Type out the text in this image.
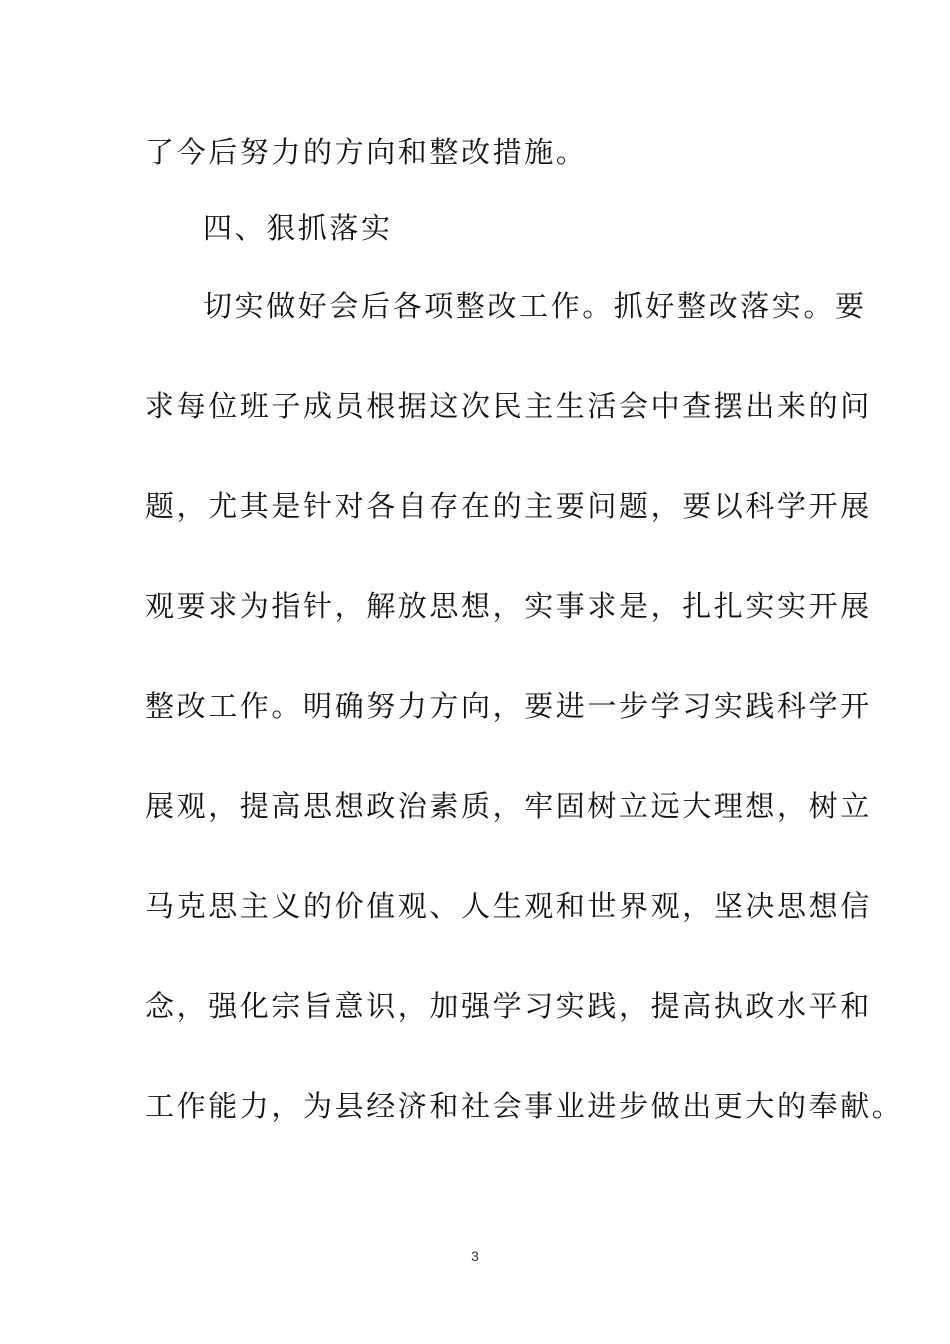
了今后努力的方向和整改措施。
四、狠抓落实
切实做好会后各项整改工作。抓好整改落实。要
求每位班子成员根据这次民主生活会中查摆出来的问
题，尤其是针对各自存在的主要问题，要以科学开展
观要求为指针，解放思想，实事求是，扎扎实实开展
整改工作。明确努力方向，要进一步学习实践科学开
展观，提高思想政治素质，牢固树立远大理想，树立
马克思主义的价值观、人生观和世界观，坚决思想信
念，强化宗旨意识，加强学习实践，提高执政水平和
工作能力，为县经济和社会事业进步做出更大的奉献。
3
